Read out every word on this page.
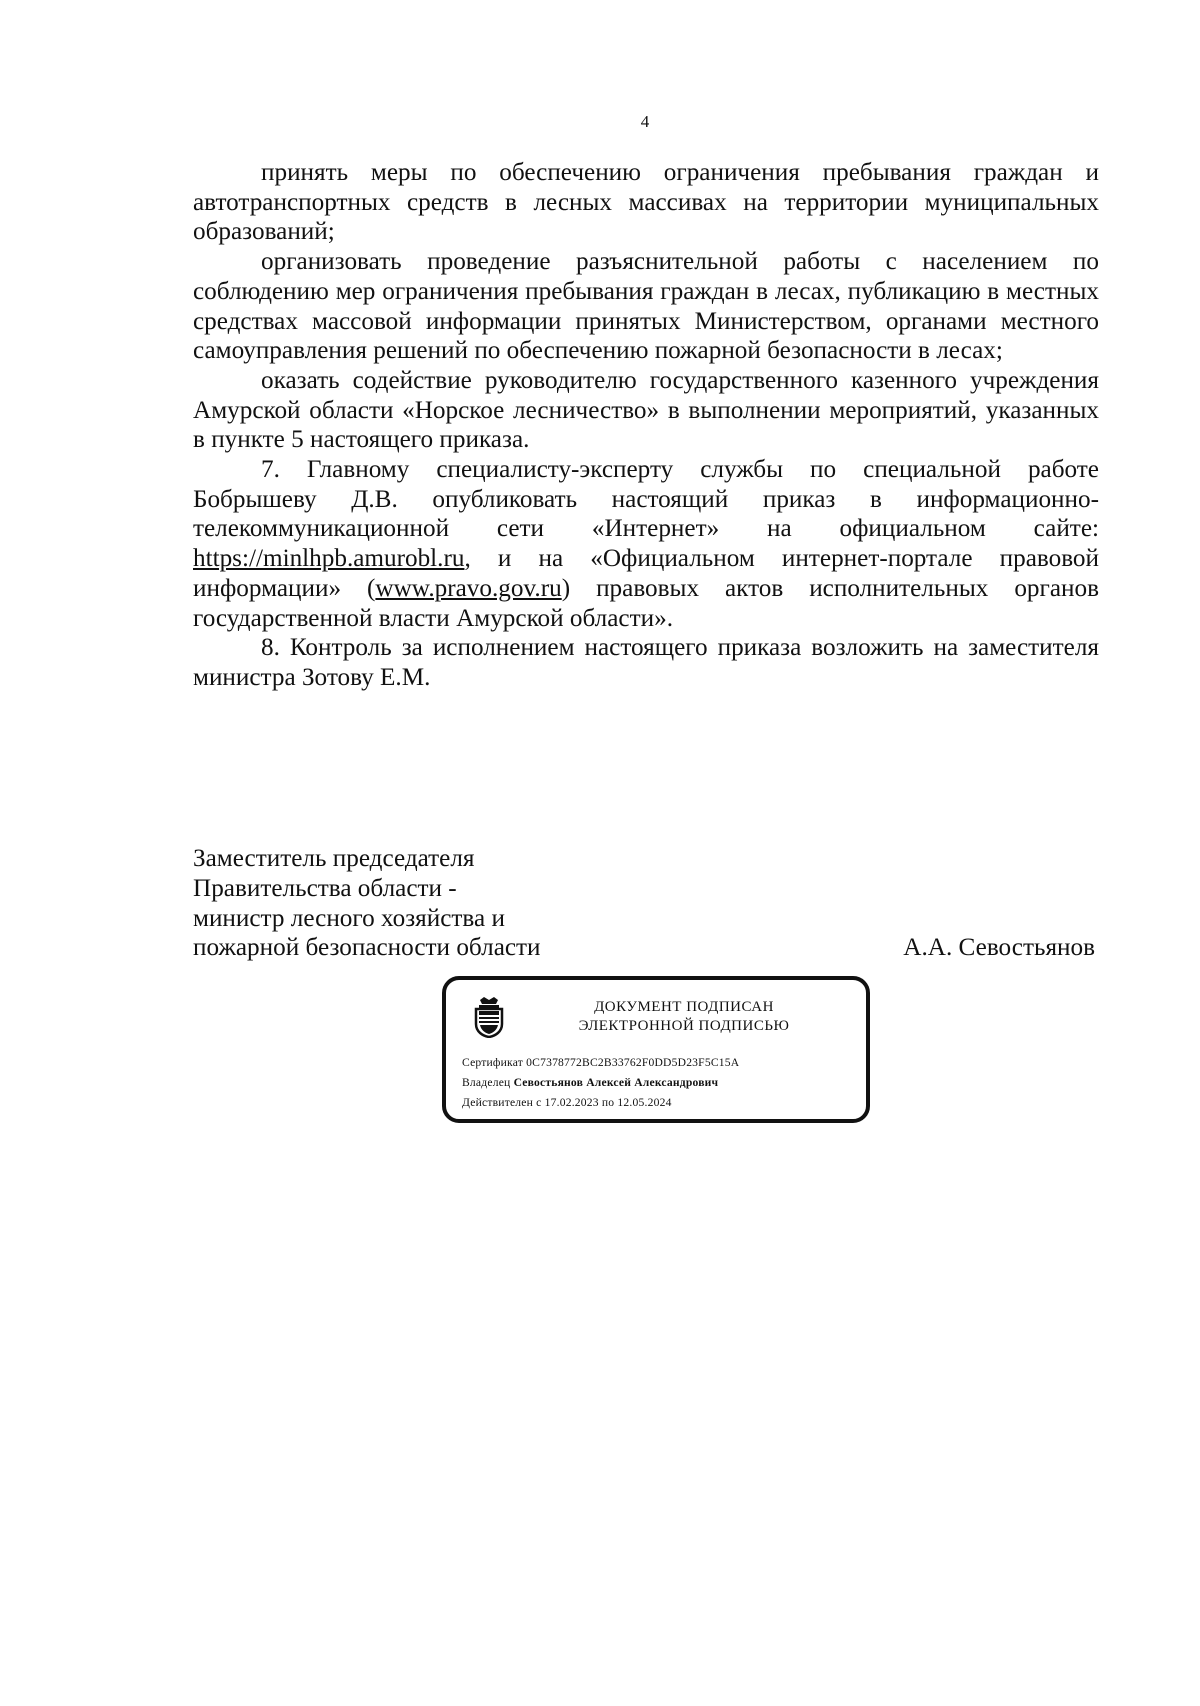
4

принять меры по обеспечению ограничения пребывания граждан и автотранспортных средств в лесных массивах на территории муниципальных образований;

организовать проведение разъяснительной работы с населением по соблюдению мер ограничения пребывания граждан в лесах, публикацию в местных средствах массовой информации принятых Министерством, органами местного самоуправления решений по обеспечению пожарной безопасности в лесах;

оказать содействие руководителю государственного казенного учреждения Амурской области «Норское лесничество» в выполнении мероприятий, указанных в пункте 5 настоящего приказа.

7. Главному специалисту-эксперту службы по специальной работе Бобрышеву Д.В. опубликовать настоящий приказ в информационно-телекоммуникационной сети «Интернет» на официальном сайте: https://minlhpb.amurobl.ru, и на «Официальном интернет-портале правовой информации» (www.pravo.gov.ru) правовых актов исполнительных органов государственной власти Амурской области».

8. Контроль за исполнением настоящего приказа возложить на заместителя министра Зотову Е.М.

Заместитель председателя
Правительства области -
министр лесного хозяйства и
пожарной безопасности области	А.А. Севостьянов
ДОКУМЕНТ ПОДПИСАН
ЭЛЕКТРОННОЙ ПОДПИСЬЮ
Сертификат 0C7378772BC2B33762F0DD5D23F5C15A
Владелец Севостьянов Алексей Александрович
Действителен с 17.02.2023 по 12.05.2024
